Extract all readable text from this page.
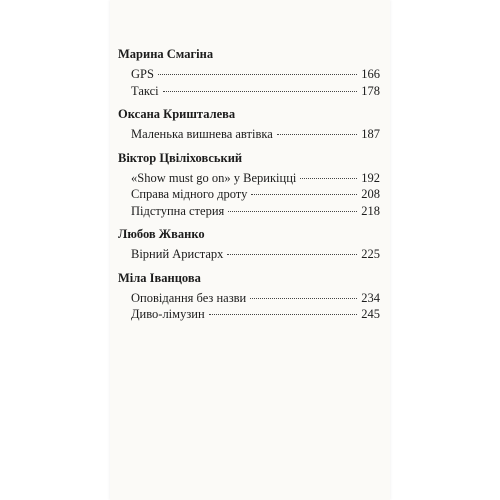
Марина Смагіна
GPS	166
Таксі	178
Оксана Кришталева
Маленька вишнева автівка	187
Віктор Цвіліховський
«Show must go on» у Верикіцці	192
Справа мідного дроту	208
Підступна стерия	218
Любов Жванко
Вірний Аристарх	225
Міла Іванцова
Оповідання без назви	234
Диво-лімузин	245
